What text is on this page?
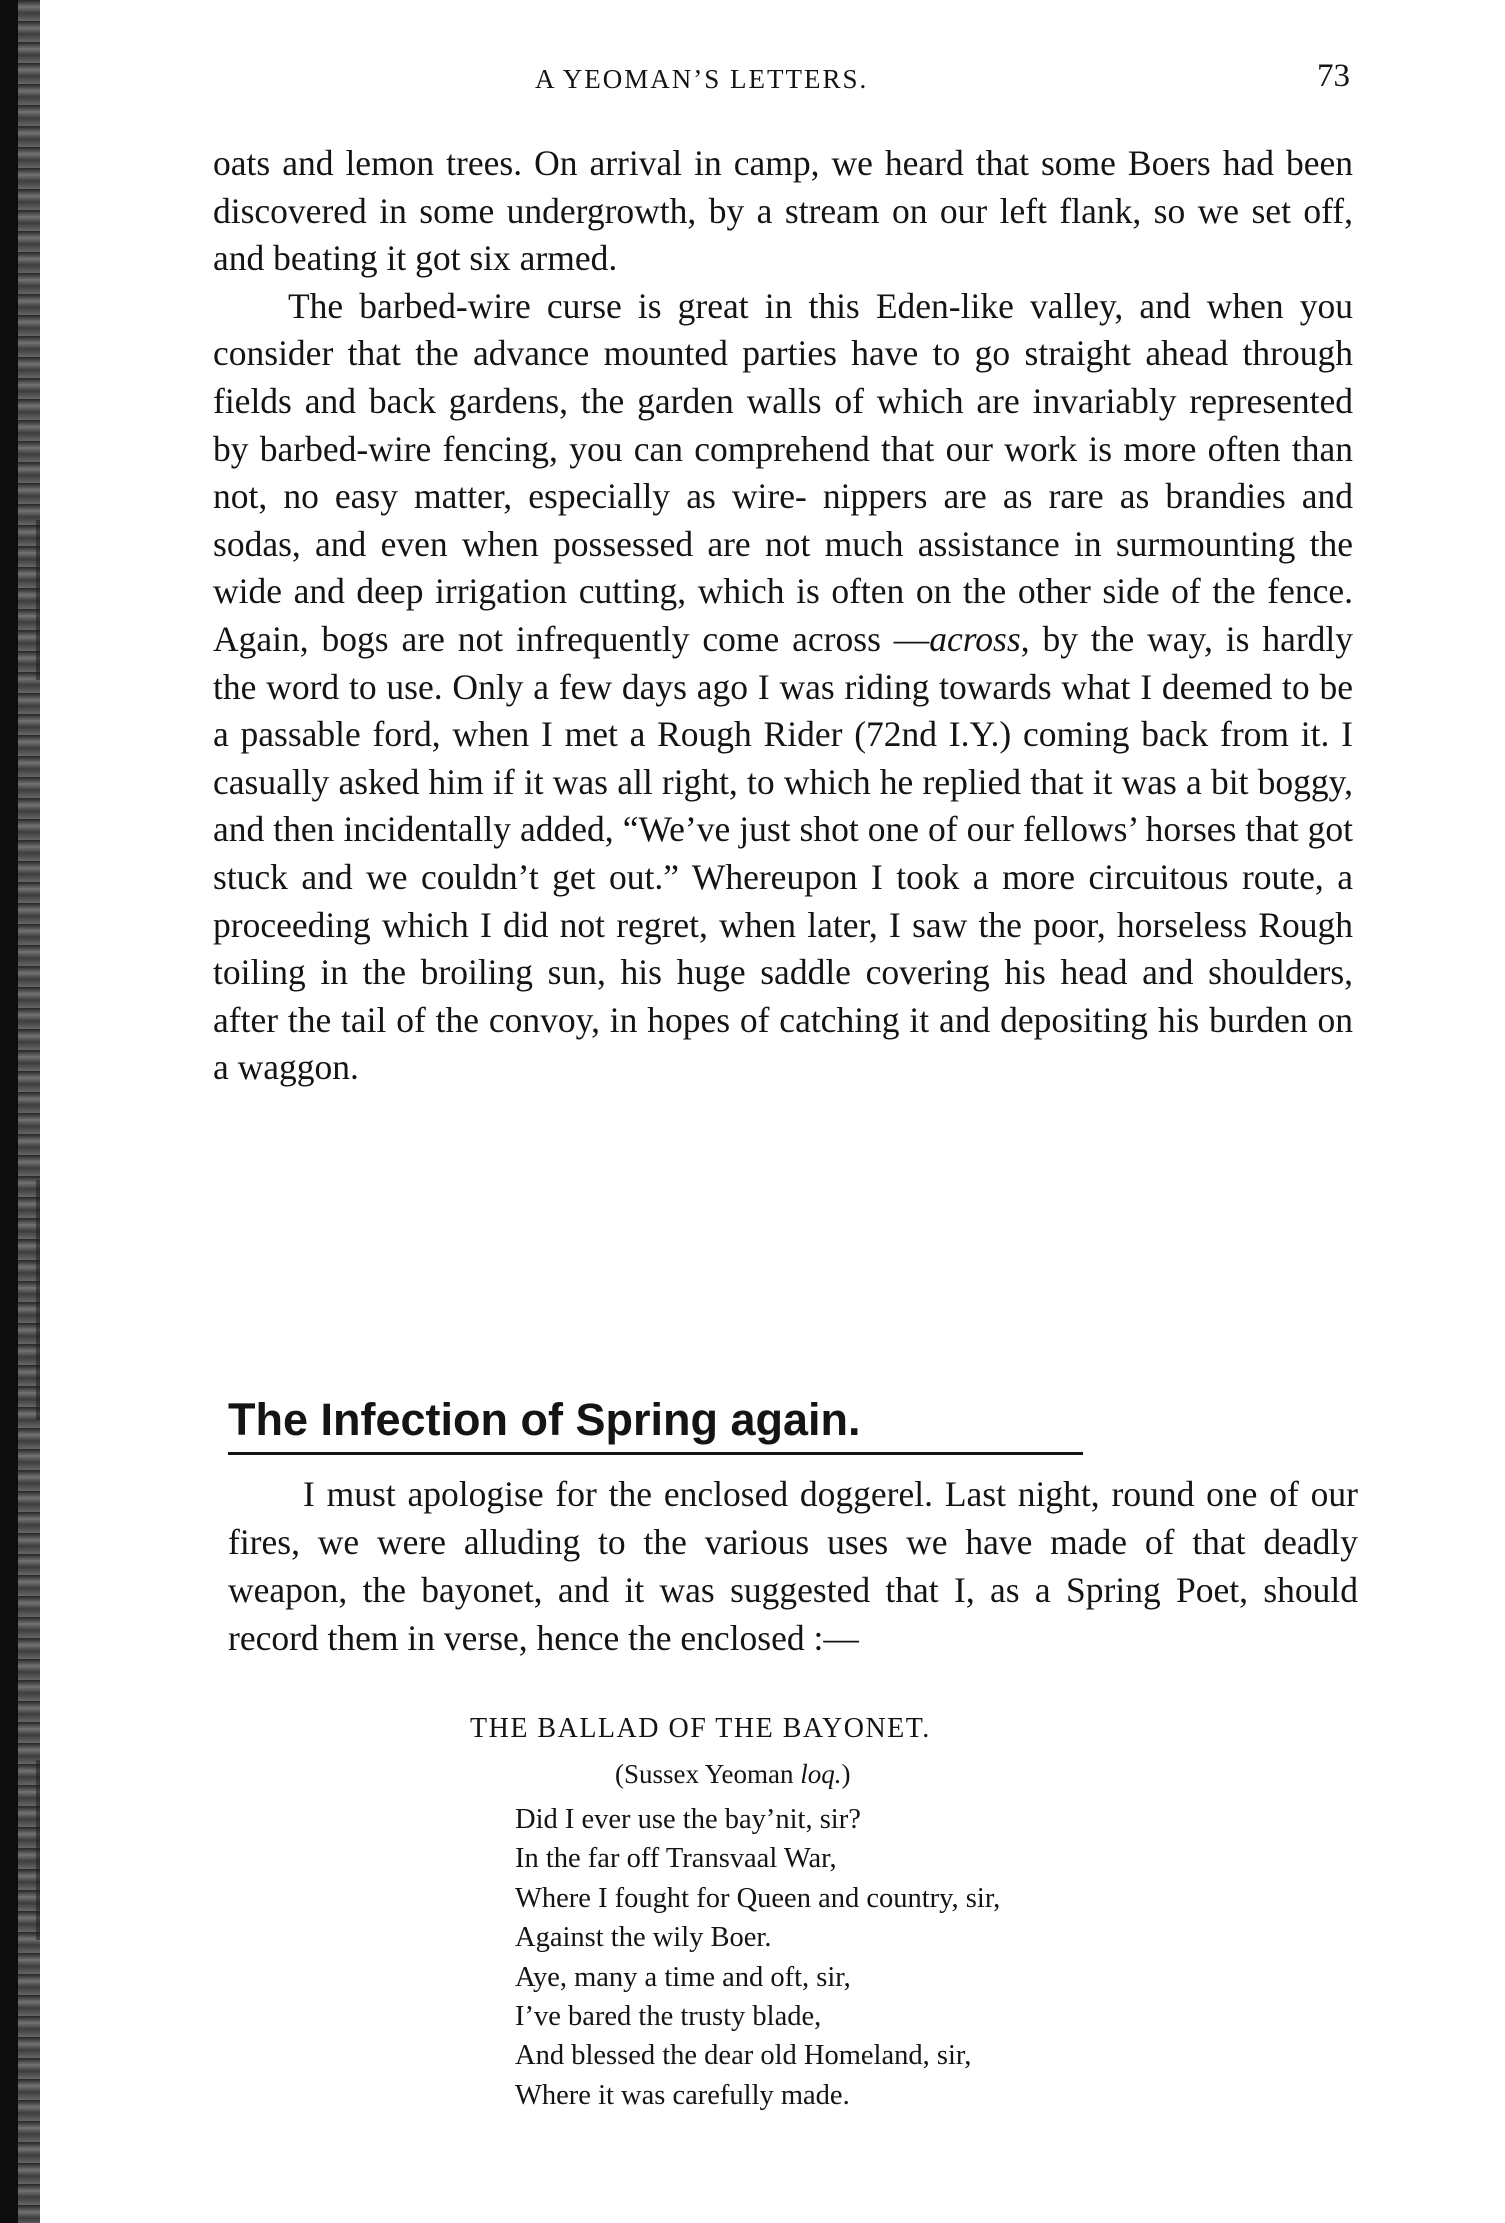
A YEOMAN’S LETTERS.	73

oats and lemon trees. On arrival in camp, we heard that some Boers had been discovered in some undergrowth, by a stream on our left flank, so we set off, and beating it got six armed.

The barbed-wire curse is great in this Eden-like valley, and when you consider that the advance mounted parties have to go straight ahead through fields and back gardens, the garden walls of which are invariably represented by barbed-wire fencing, you can comprehend that our work is more often than not, no easy matter, especially as wire- nippers are as rare as brandies and sodas, and even when possessed are not much assistance in surmounting the wide and deep irrigation cutting, which is often on the other side of the fence. Again, bogs are not infrequently come across —across, by the way, is hardly the word to use. Only a few days ago I was riding towards what I deemed to be a passable ford, when I met a Rough Rider (72nd I.Y.) coming back from it. I casually asked him if it was all right, to which he replied that it was a bit boggy, and then incidentally added, “We’ve just shot one of our fellows’ horses that got stuck and we couldn’t get out.” Whereupon I took a more circuitous route, a proceeding which I did not regret, when later, I saw the poor, horseless Rough toiling in the broiling sun, his huge saddle covering his head and shoulders, after the tail of the convoy, in hopes of catching it and depositing his burden on a waggon.

The Infection of Spring again.

I must apologise for the enclosed doggerel. Last night, round one of our fires, we were alluding to the various uses we have made of that deadly weapon, the bayonet, and it was suggested that I, as a Spring Poet, should record them in verse, hence the enclosed :—

THE BALLAD OF THE BAYONET.
(Sussex Yeoman loq.)
Did I ever use the bay’nit, sir?
In the far off Transvaal War,
Where I fought for Queen and country, sir,
Against the wily Boer.
Aye, many a time and oft, sir,
I’ve bared the trusty blade,
And blessed the dear old Homeland, sir,
Where it was carefully made.
